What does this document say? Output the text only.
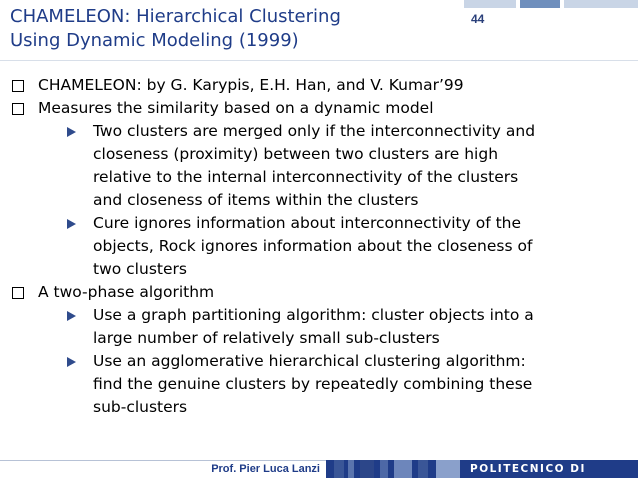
44
CHAMELEON: Hierarchical Clustering
Using Dynamic Modeling (1999)

CHAMELEON: by G. Karypis, E.H. Han, and V. Kumar’99

Measures the similarity based on a dynamic model

Two clusters are merged only if the interconnectivity and

closeness (proximity) between two clusters are high

relative to the internal interconnectivity of the clusters

and closeness of items within the clusters

Cure ignores information about interconnectivity of the

objects, Rock ignores information about the closeness of

two clusters

A two-phase algorithm

Use a graph partitioning algorithm: cluster objects into a

large number of relatively small sub-clusters

Use an agglomerative hierarchical clustering algorithm:

find the genuine clusters by repeatedly combining these

sub-clusters

Prof. Pier Luca Lanzi	POLITECNICO DI MILANO
